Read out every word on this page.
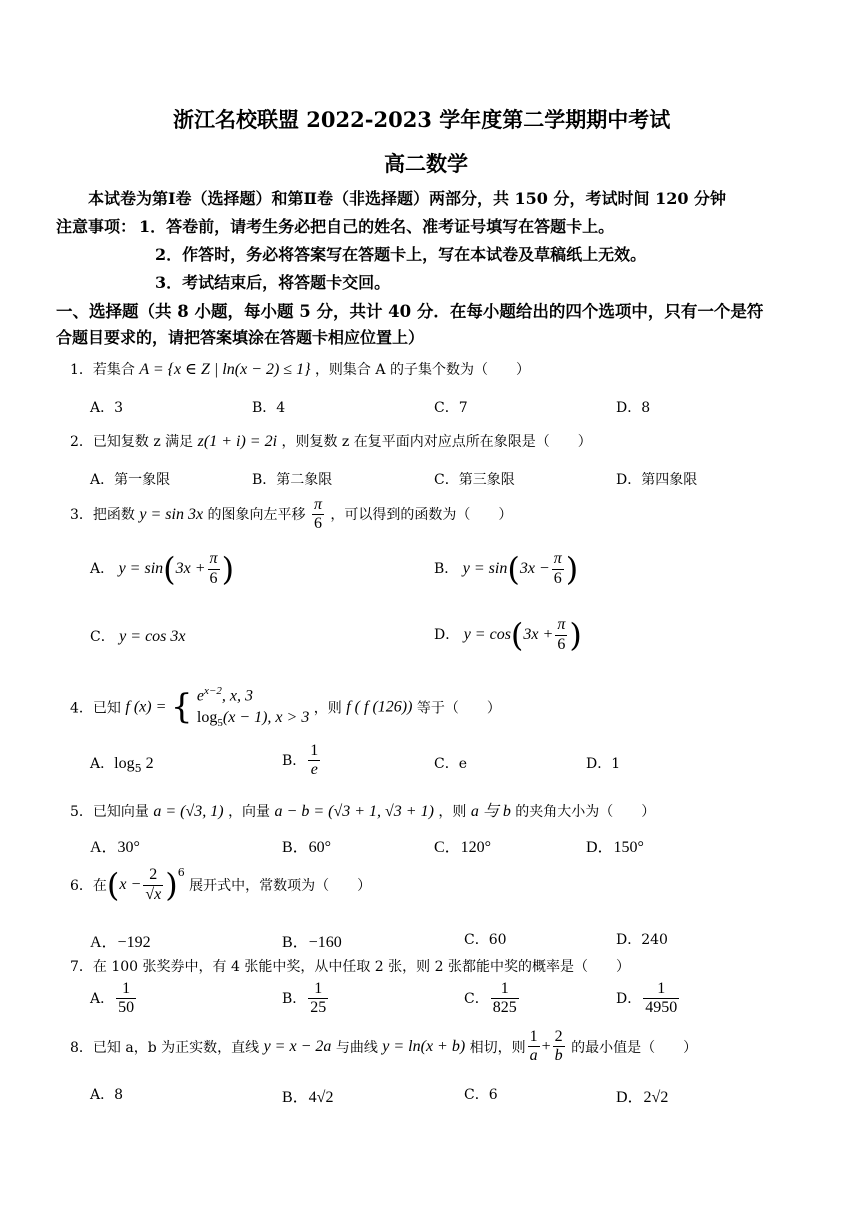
浙江名校联盟 2022-2023 学年度第二学期期中考试
高二数学
本试卷为第Ⅰ卷（选择题）和第Ⅱ卷（非选择题）两部分，共 150 分，考试时间 120 分钟
注意事项： 1．答卷前，请考生务必把自己的姓名、准考证号填写在答题卡上。
2．作答时，务必将答案写在答题卡上，写在本试卷及草稿纸上无效。
3．考试结束后，将答题卡交回。
一、选择题（共 8 小题，每小题 5 分，共计 40 分．在每小题给出的四个选项中，只有一个是符
合题目要求的，请把答案填涂在答题卡相应位置上）
1．若集合 A = {x ∈ Z | ln(x − 2) ≤ 1} ，则集合 A 的子集个数为（　　）
A．3	B．4	C．7	D．8
2．已知复数 z 满足 z(1 + i) = 2i ，则复数 z 在复平面内对应点所在象限是（　　）
A．第一象限	B．第二象限	C．第三象限	D．第四象限
3．把函数 y = sin 3x 的图象向左平移 $\frac{\pi}{6}$ ，可以得到的函数为（　　）
A． $y = \sin(3x + \frac{\pi}{6}$ )	B． $y = \sin(3x - \frac{\pi}{6}$ )
C． y = cos 3x	D． $y = \cos(3x + \frac{\pi}{6}$ )
4．已知 f (x) = { $e^{x-2}$, x, 3
$\log_5(x - 1)$, x > 3
，则 f ( f (126)) 等于（　　）
A．$\log_5 2$	B． $\frac{1}{e}$	C．e	D．1
5．已知向量 a = (√3, 1) ，向量 a − b = (√3 + 1, √3 + 1) ，则 a 与 b 的夹角大小为（　　）
A．30°	B．60°	C．120°	D．150°
6．在$(x - \frac{2}{√x} )^6$ 展开式中，常数项为（　　）
A．−192	B．−160	C．60	D．240
7．在 100 张奖券中，有 4 张能中奖，从中任取 2 张，则 2 张都能中奖的概率是（　　）
A． $\frac{1}{50}$	B． $\frac{1}{25}$	C． $\frac{1}{825}$	D． $\frac{1}{4950}$
8．已知 a，b 为正实数，直线 y = x − 2a 与曲线 y = ln(x + b) 相切，则 $\frac{1}{a} + \frac{2}{b}$ 的最小值是（　　）
A．8	B．4√2	C．6	D．2√2
